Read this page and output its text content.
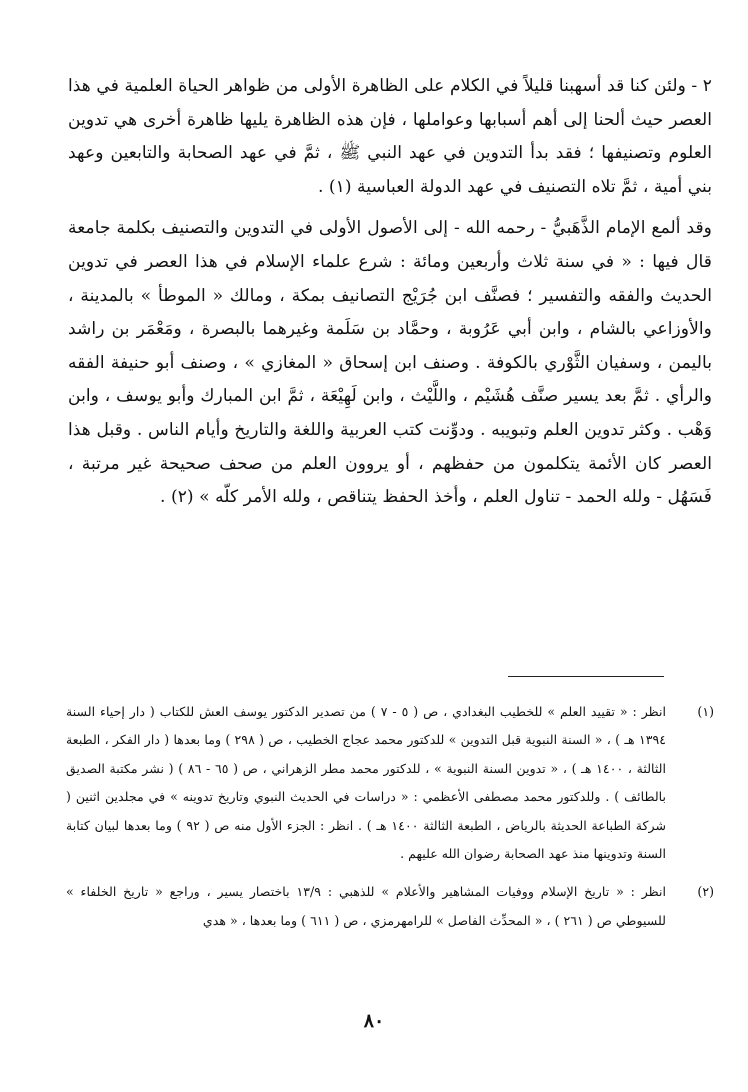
٢ - ولئن كنا قد أسهبنا قليلاً في الكلام على الظاهرة الأولى من ظواهر الحياة العلمية في هذا العصر حيث ألحنا إلى أهم أسبابها وعواملها ، فإن هذه الظاهرة يليها ظاهرة أخرى هي تدوين العلوم وتصنيفها ؛ فقد بدأ التدوين في عهد النبي ﷺ ، ثمَّ في عهد الصحابة والتابعين وعهد بني أمية ، ثمَّ تلاه التصنيف في عهد الدولة العباسية (١) .

وقد ألمع الإمام الذَّهَبيُّ - رحمه الله - إلى الأصول الأولى في التدوين والتصنيف بكلمة جامعة قال فيها : « في سنة ثلاث وأربعين ومائة : شرع علماء الإسلام في هذا العصر في تدوين الحديث والفقه والتفسير ؛ فصنَّف ابن جُرَيْج التصانيف بمكة ، ومالك « الموطأ » بالمدينة ، والأوزاعي بالشام ، وابن أبي عَرُوبة ، وحمَّاد بن سَلَمة وغيرهما بالبصرة ، ومَعْمَر بن راشد باليمن ، وسفيان الثَّوْري بالكوفة . وصنف ابن إسحاق « المغازي » ، وصنف أبو حنيفة الفقه والرأي . ثمَّ بعد يسير صنَّف هُشَيْم ، واللَّيْث ، وابن لَهِيْعَة ، ثمَّ ابن المبارك وأبو يوسف ، وابن وَهْب . وكثر تدوين العلم وتبويبه . ودوِّنت كتب العربية واللغة والتاريخ وأيام الناس . وقبل هذا العصر كان الأئمة يتكلمون من حفظهم ، أو يروون العلم من صحف صحيحة غير مرتبة ، فَسَهُل - ولله الحمد - تناول العلم ، وأخذ الحفظ يتناقص ، ولله الأمر كلّه » (٢) .

(١)
انظر : « تقييد العلم » للخطيب البغدادي ، ص ( ٥ - ٧ ) من تصدير الدكتور يوسف العش للكتاب ( دار إحياء السنة ١٣٩٤ هـ ) ، « السنة النبوية قبل التدوين » للدكتور محمد عجاج الخطيب ، ص ( ٢٩٨ ) وما بعدها ( دار الفكر ، الطبعة الثالثة ، ١٤٠٠ هـ ) ، « تدوين السنة النبوية » ، للدكتور محمد مطر الزهراني ، ص ( ٦٥ - ٨٦ ) ( نشر مكتبة الصديق بالطائف ) . وللدكتور محمد مصطفى الأعظمي : « دراسات في الحديث النبوي وتاريخ تدوينه » في مجلدين اثنين ( شركة الطباعة الحديثة بالرياض ، الطبعة الثالثة ١٤٠٠ هـ ) . انظر : الجزء الأول منه ص ( ٩٢ ) وما بعدها لبيان كتابة السنة وتدوينها منذ عهد الصحابة رضوان الله عليهم .
(٢)
انظر : « تاريخ الإسلام ووفيات المشاهير والأعلام » للذهبي : ١٣/٩ باختصار يسير ، وراجع « تاريخ الخلفاء » للسيوطي ص ( ٢٦١ ) ، « المحدِّث الفاصل » للرامهرمزي ، ص ( ٦١١ ) وما بعدها ، « هدي
٨٠
